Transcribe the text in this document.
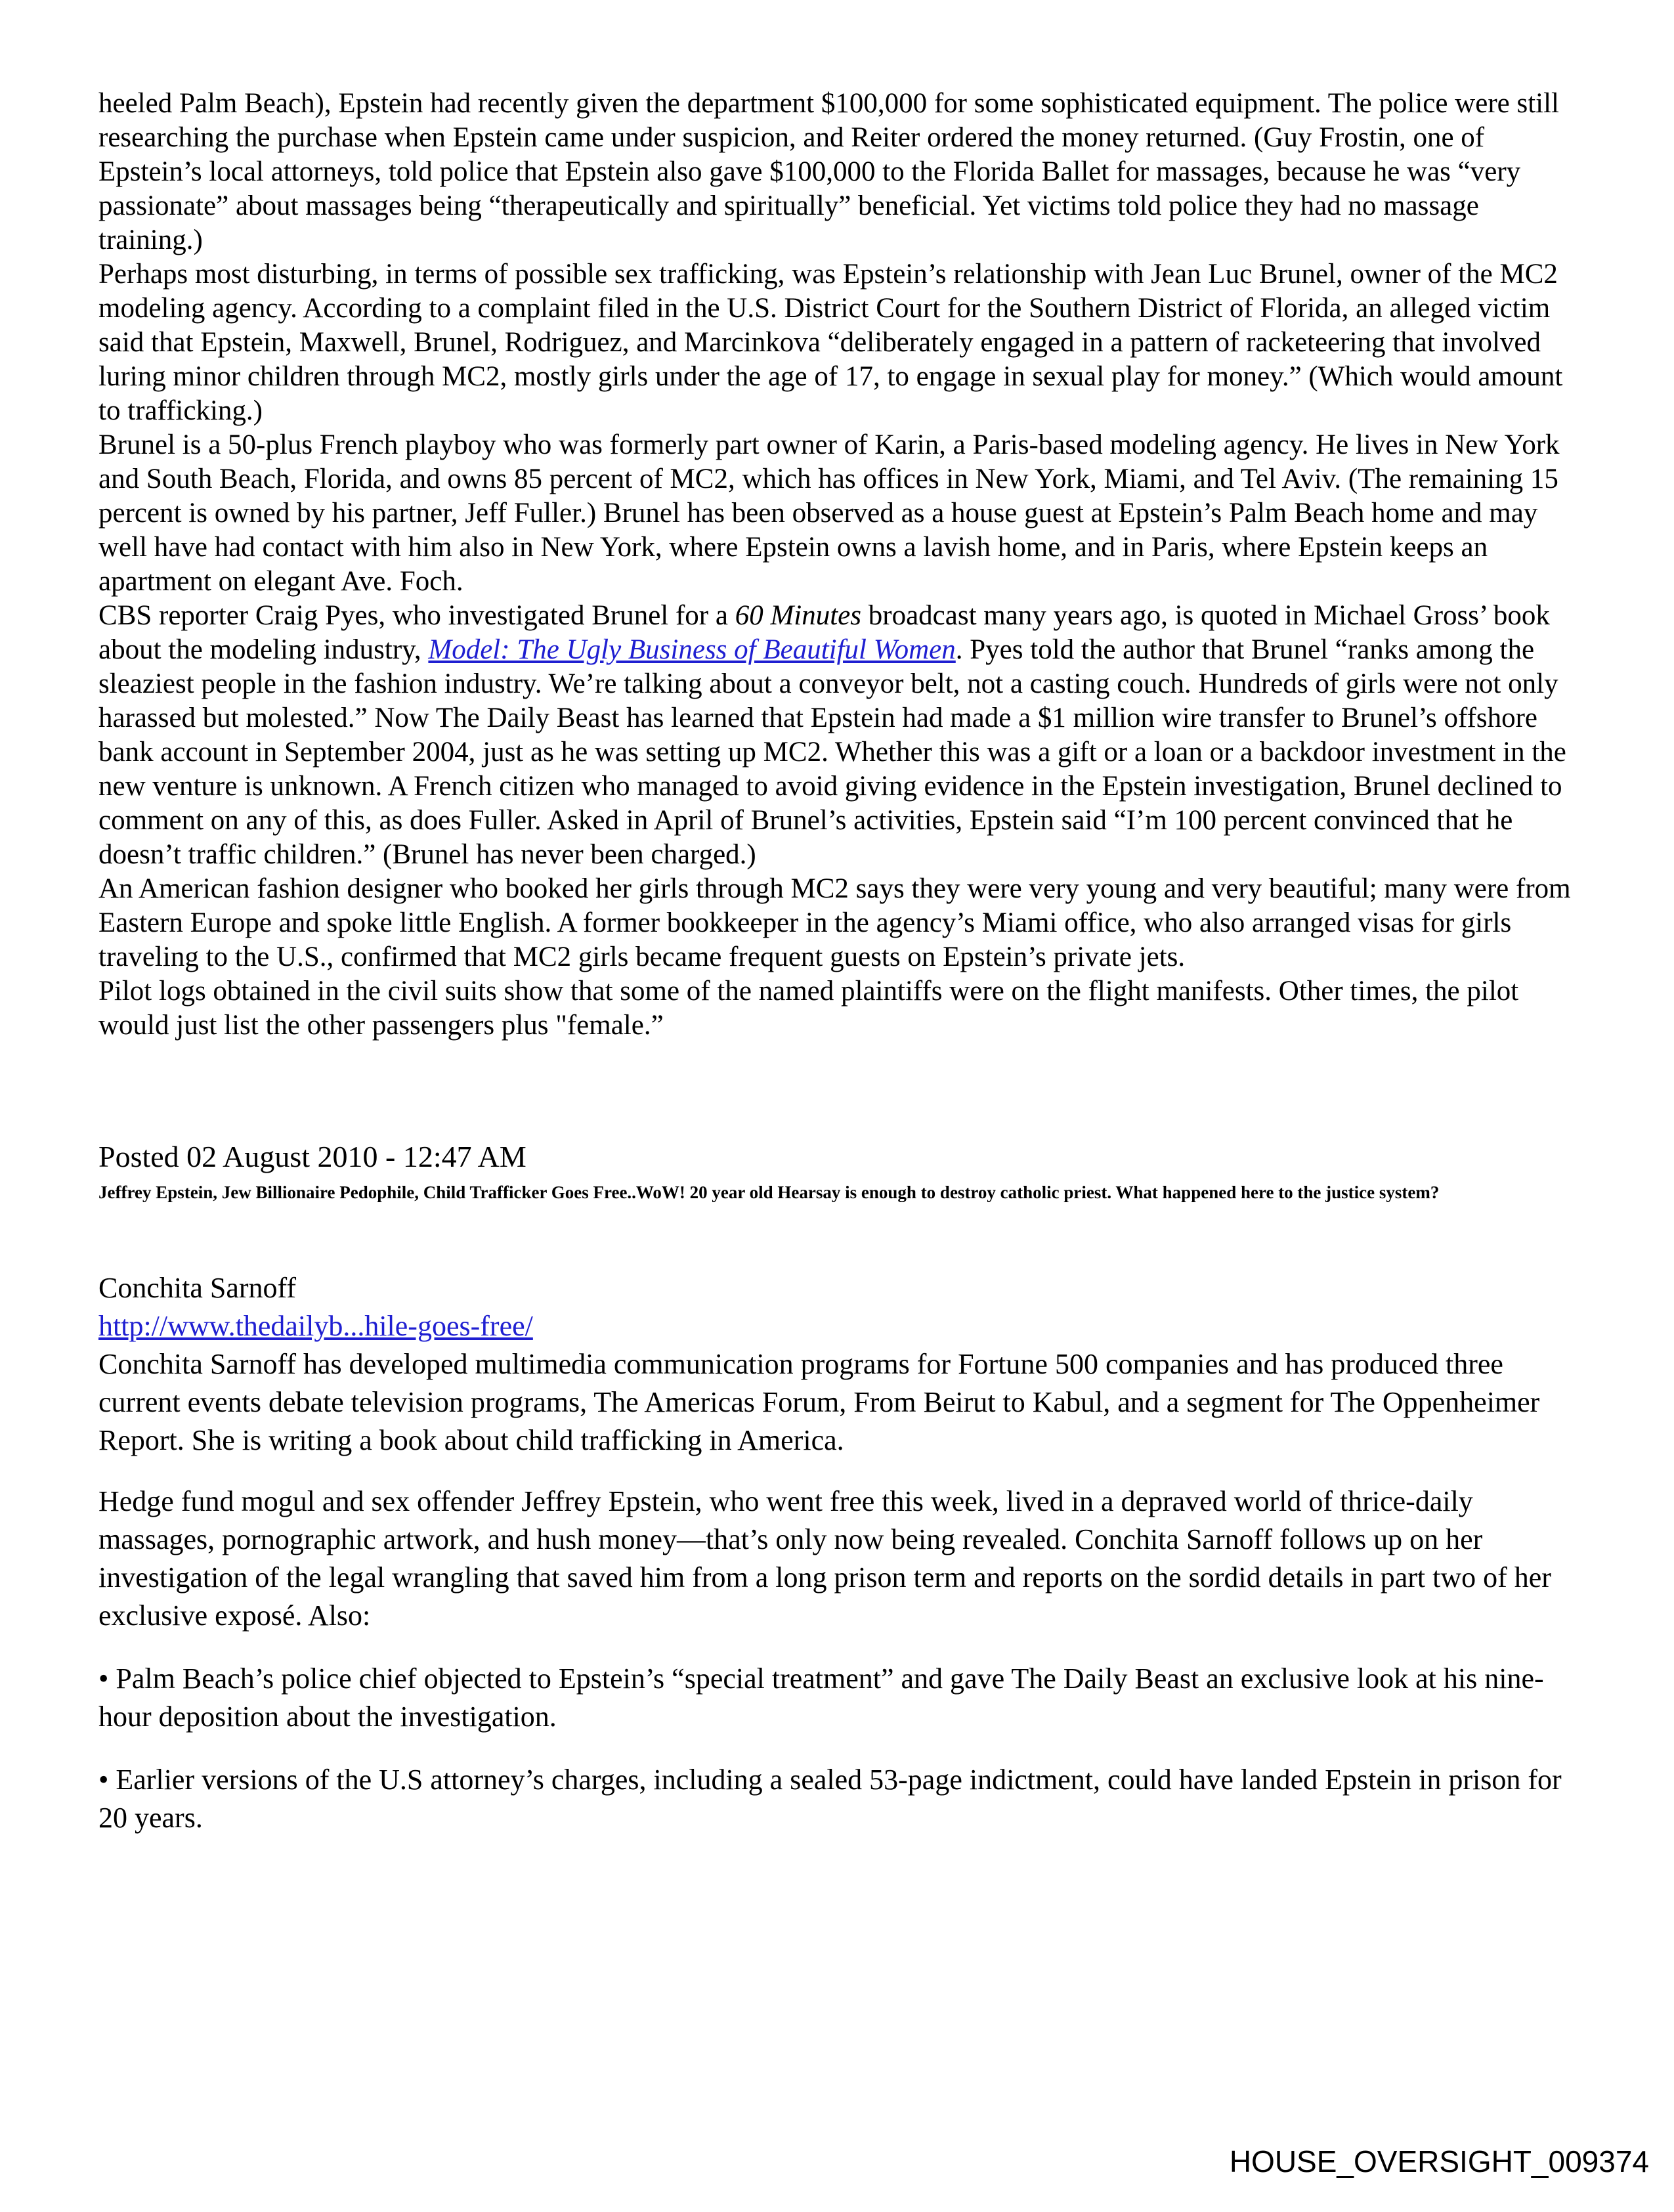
heeled Palm Beach), Epstein had recently given the department $100,000 for some sophisticated equipment. The police were still researching the purchase when Epstein came under suspicion, and Reiter ordered the money returned. (Guy Frostin, one of Epstein’s local attorneys, told police that Epstein also gave $100,000 to the Florida Ballet for massages, because he was “very passionate” about massages being “therapeutically and spiritually” beneficial. Yet victims told police they had no massage training.)

Perhaps most disturbing, in terms of possible sex trafficking, was Epstein’s relationship with Jean Luc Brunel, owner of the MC2 modeling agency. According to a complaint filed in the U.S. District Court for the Southern District of Florida, an alleged victim said that Epstein, Maxwell, Brunel, Rodriguez, and Marcinkova “deliberately engaged in a pattern of racketeering that involved luring minor children through MC2, mostly girls under the age of 17, to engage in sexual play for money.” (Which would amount to trafficking.)

Brunel is a 50-plus French playboy who was formerly part owner of Karin, a Paris-based modeling agency. He lives in New York and South Beach, Florida, and owns 85 percent of MC2, which has offices in New York, Miami, and Tel Aviv. (The remaining 15 percent is owned by his partner, Jeff Fuller.) Brunel has been observed as a house guest at Epstein’s Palm Beach home and may well have had contact with him also in New York, where Epstein owns a lavish home, and in Paris, where Epstein keeps an apartment on elegant Ave. Foch.

CBS reporter Craig Pyes, who investigated Brunel for a 60 Minutes broadcast many years ago, is quoted in Michael Gross’ book about the modeling industry, Model: The Ugly Business of Beautiful Women. Pyes told the author that Brunel “ranks among the sleaziest people in the fashion industry. We’re talking about a conveyor belt, not a casting couch. Hundreds of girls were not only harassed but molested.” Now The Daily Beast has learned that Epstein had made a $1 million wire transfer to Brunel’s offshore bank account in September 2004, just as he was setting up MC2. Whether this was a gift or a loan or a backdoor investment in the new venture is unknown. A French citizen who managed to avoid giving evidence in the Epstein investigation, Brunel declined to comment on any of this, as does Fuller. Asked in April of Brunel’s activities, Epstein said “I’m 100 percent convinced that he doesn’t traffic children.” (Brunel has never been charged.)

An American fashion designer who booked her girls through MC2 says they were very young and very beautiful; many were from Eastern Europe and spoke little English. A former bookkeeper in the agency’s Miami office, who also arranged visas for girls traveling to the U.S., confirmed that MC2 girls became frequent guests on Epstein’s private jets.

Pilot logs obtained in the civil suits show that some of the named plaintiffs were on the flight manifests. Other times, the pilot would just list the other passengers plus "female.”

Posted 02 August 2010 - 12:47 AM

Jeffrey Epstein, Jew Billionaire Pedophile, Child Trafficker Goes Free..WoW! 20 year old Hearsay is enough to destroy catholic priest. What happened here to the justice system?

Conchita Sarnoff

http://www.thedailyb...hile-goes-free/

Conchita Sarnoff has developed multimedia communication programs for Fortune 500 companies and has produced three current events debate television programs, The Americas Forum, From Beirut to Kabul, and a segment for The Oppenheimer Report. She is writing a book about child trafficking in America.

Hedge fund mogul and sex offender Jeffrey Epstein, who went free this week, lived in a depraved world of thrice-daily massages, pornographic artwork, and hush money—that’s only now being revealed. Conchita Sarnoff follows up on her investigation of the legal wrangling that saved him from a long prison term and reports on the sordid details in part two of her exclusive exposé. Also:

• Palm Beach’s police chief objected to Epstein’s “special treatment” and gave The Daily Beast an exclusive look at his nine-hour deposition about the investigation.

• Earlier versions of the U.S attorney’s charges, including a sealed 53-page indictment, could have landed Epstein in prison for 20 years.

HOUSE_OVERSIGHT_009374
